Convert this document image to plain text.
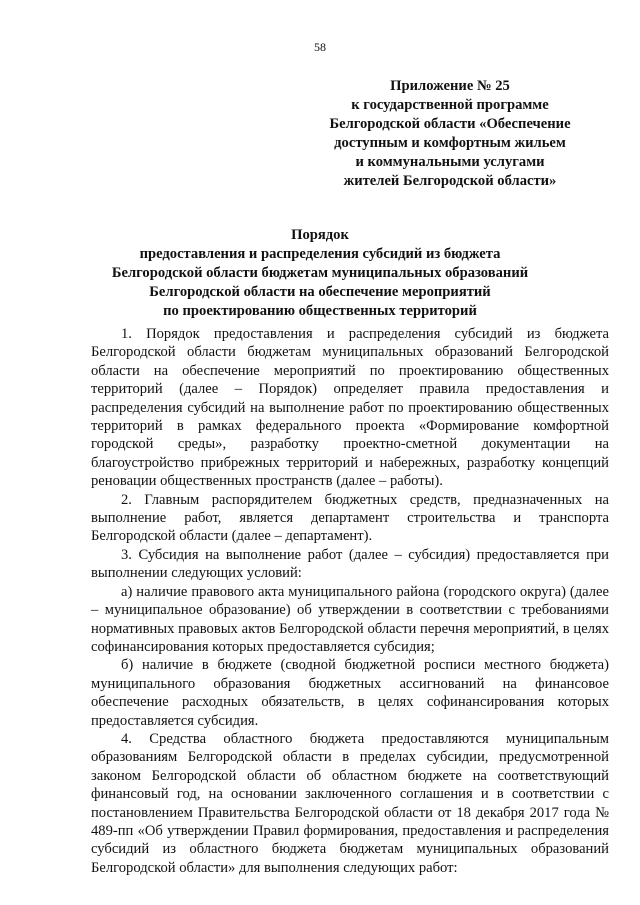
58
Приложение № 25
к государственной программе
Белгородской области «Обеспечение
доступным и комфортным жильем
и коммунальными услугами
жителей Белгородской области»
Порядок
предоставления и распределения субсидий из бюджета
Белгородской области бюджетам муниципальных образований
Белгородской области на обеспечение мероприятий
по проектированию общественных территорий

1. Порядок предоставления и распределения субсидий из бюджета Белгородской области бюджетам муниципальных образований Белгородской области на обеспечение мероприятий по проектированию общественных территорий (далее – Порядок) определяет правила предоставления и распределения субсидий на выполнение работ по проектированию общественных территорий в рамках федерального проекта «Формирование комфортной городской среды», разработку проектно-сметной документации на благоустройство прибрежных территорий и набережных, разработку концепций реновации общественных пространств (далее – работы).

2. Главным распорядителем бюджетных средств, предназначенных на выполнение работ, является департамент строительства и транспорта Белгородской области (далее – департамент).

3. Субсидия на выполнение работ (далее – субсидия) предоставляется при выполнении следующих условий:

а) наличие правового акта муниципального района (городского округа) (далее – муниципальное образование) об утверждении в соответствии с требованиями нормативных правовых актов Белгородской области перечня мероприятий, в целях софинансирования которых предоставляется субсидия;

б) наличие в бюджете (сводной бюджетной росписи местного бюджета) муниципального образования бюджетных ассигнований на финансовое обеспечение расходных обязательств, в целях софинансирования которых предоставляется субсидия.

4. Средства областного бюджета предоставляются муниципальным образованиям Белгородской области в пределах субсидии, предусмотренной законом Белгородской области об областном бюджете на соответствующий финансовый год, на основании заключенного соглашения и в соответствии с постановлением Правительства Белгородской области от 18 декабря 2017 года № 489-пп «Об утверждении Правил формирования, предоставления и распределения субсидий из областного бюджета бюджетам муниципальных образований Белгородской области» для выполнения следующих работ:
